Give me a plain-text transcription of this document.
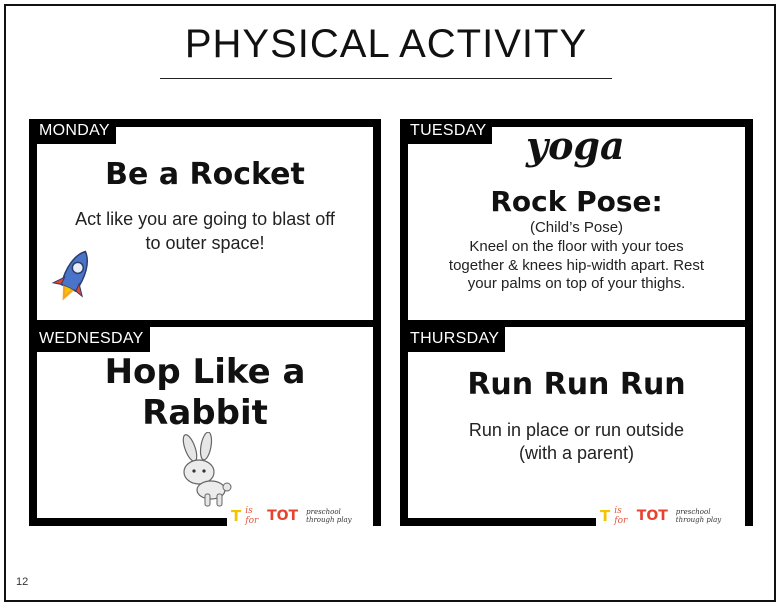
PHYSICAL ACTIVITY
MONDAY
Be a Rocket
Act like you are going to blast off
to outer space!
WEDNESDAY
Hop Like a
Rabbit
T is for TOT preschool through play
TUESDAY yoga
Rock Pose:
(Child’s Pose)
Kneel on the floor with your toes
together & knees hip-width apart. Rest
your palms on top of your thighs.
THURSDAY
Run Run Run
Run in place or run outside
(with a parent)
T is for TOT preschool through play
12
